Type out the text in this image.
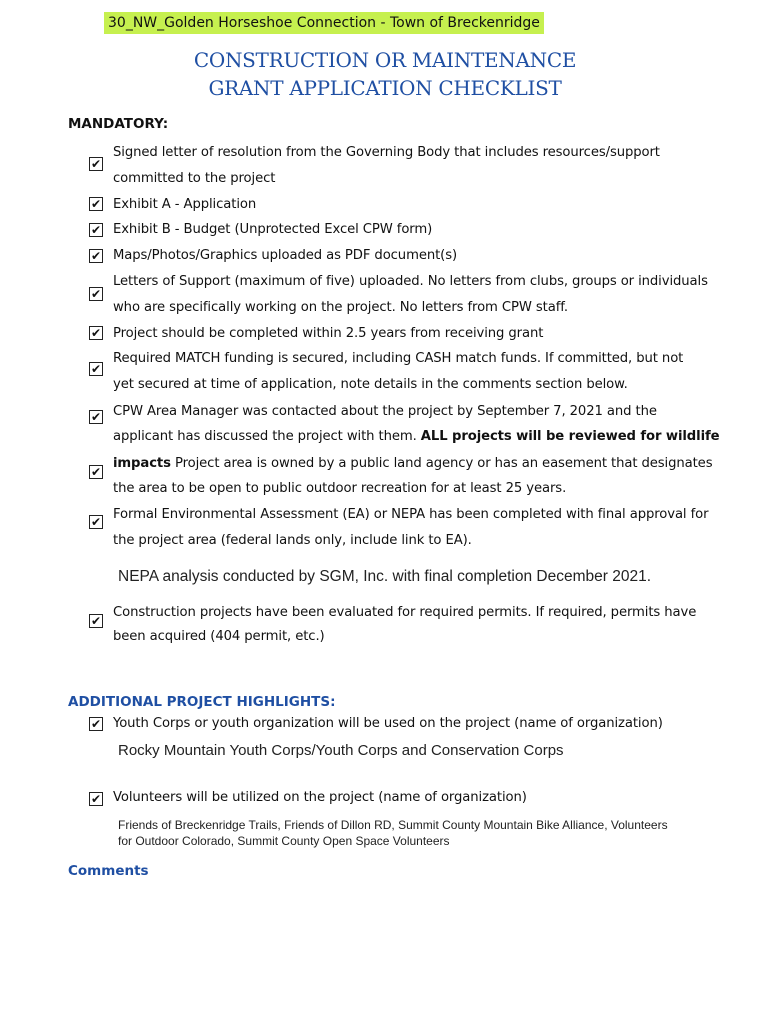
30_NW_Golden Horseshoe Connection - Town of Breckenridge
CONSTRUCTION OR MAINTENANCE
GRANT APPLICATION CHECKLIST
MANDATORY:
✔
Signed letter of resolution from the Governing Body that includes resources/support
committed to the project
✔ Exhibit A - Application
✔ Exhibit B - Budget (Unprotected Excel CPW form)
✔ Maps/Photos/Graphics uploaded as PDF document(s)
✔
Letters of Support (maximum of five) uploaded. No letters from clubs, groups or individuals
who are specifically working on the project. No letters from CPW staff.
✔ Project should be completed within 2.5 years from receiving grant
✔
Required MATCH funding is secured, including CASH match funds. If committed, but not
yet secured at time of application, note details in the comments section below.
✔ CPW Area Manager was contacted about the project by September 7, 2021 and the
applicant has discussed the project with them. ALL projects will be reviewed for wildlife
✔
impacts Project area is owned by a public land agency or has an easement that designates
the area to be open to public outdoor recreation for at least 25 years.
✔ Formal Environmental Assessment (EA) or NEPA has been completed with final approval for
the project area (federal lands only, include link to EA).
NEPA analysis conducted by SGM, Inc. with final completion December 2021.
✔
Construction projects have been evaluated for required permits. If required, permits have
been acquired (404 permit, etc.)
ADDITIONAL PROJECT HIGHLIGHTS:
✔ Youth Corps or youth organization will be used on the project (name of organization)
Rocky Mountain Youth Corps/Youth Corps and Conservation Corps
✔ Volunteers will be utilized on the project (name of organization)
Friends of Breckenridge Trails, Friends of Dillon RD, Summit County Mountain Bike Alliance, Volunteers
for Outdoor Colorado, Summit County Open Space Volunteers
Comments
